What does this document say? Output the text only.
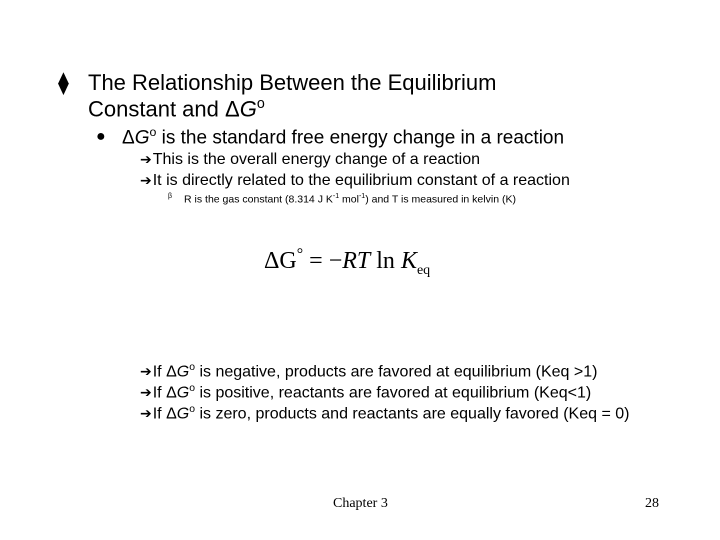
⧫ The Relationship Between the Equilibrium
Constant and $\Delta G^o$
● $\Delta G^o$ is the standard free energy change in a reaction
➔This is the overall energy change of a reaction
➔It is directly related to the equilibrium constant of a reaction
$^\beta$ R is the gas constant (8.314 J $K^{-1}$ mol$^{-1}$) and T is measured in kelvin (K)
ΔG° = −RT $\ln K_{eq}$
➔If $\Delta G^o$ is negative, products are favored at equilibrium (Keq >1)
➔If $\Delta G^o$ is positive, reactants are favored at equilibrium (Keq<1)
➔If $\Delta G^o$ is zero, products and reactants are equally favored (Keq = 0)
Chapter 3	28
